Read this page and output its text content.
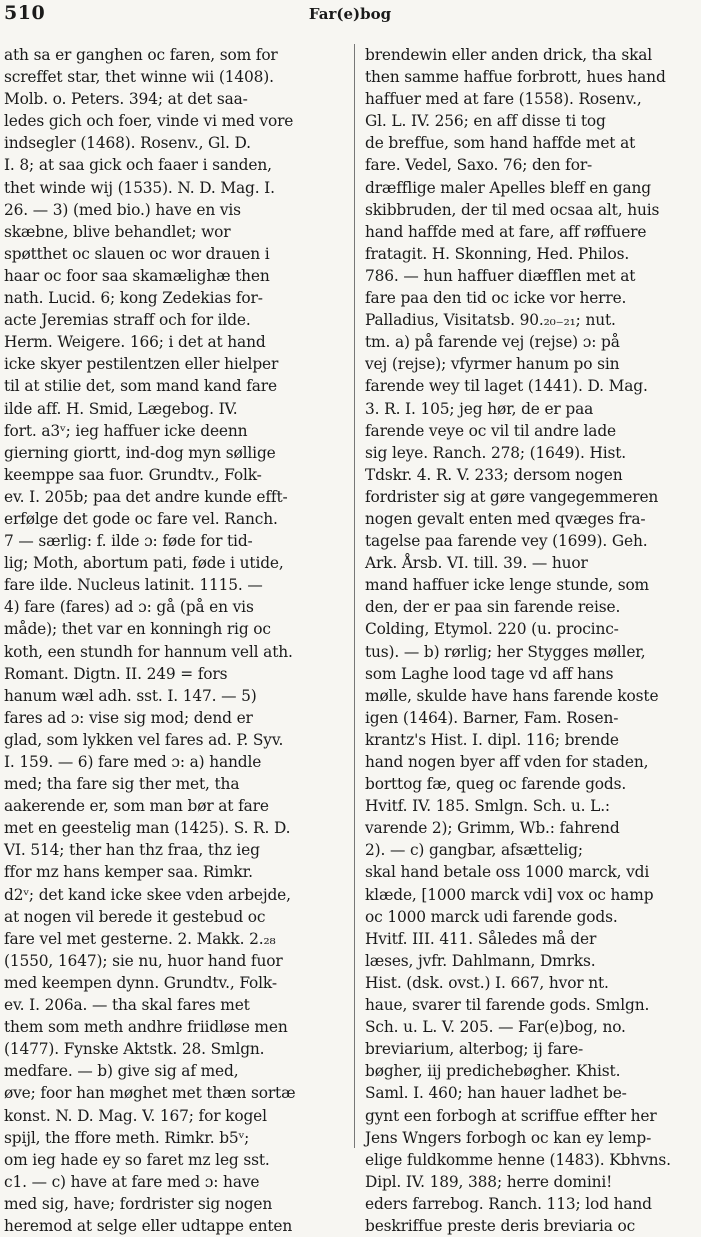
510	Far(e)bog
ath sa er ganghen oc faren, som for
screffet star, thet winne wii (1408).
Molb. o. Peters. 394; at det saa-
ledes gich och foer, vinde vi med vore
indsegler (1468). Rosenv., Gl. D.
I. 8; at saa gick och faaer i sanden,
thet winde wij (1535). N. D. Mag. I.
26. — 3) (med bio.) have en vis
skæbne, blive behandlet; wor
spøtthet oc slauen oc wor drauen i
haar oc foor saa skamælighæ then
nath. Lucid. 6; kong Zedekias for-
acte Jeremias straff och for ilde.
Herm. Weigere. 166; i det at hand
icke skyer pestilentzen eller hielper
til at stilie det, som mand kand fare
ilde aff. H. Smid, Lægebog. IV.
fort. a3ᵛ; ieg haffuer icke deenn
gierning giortt, ind-dog myn søllige
keemppe saa fuor. Grundtv., Folk-
ev. I. 205b; paa det andre kunde efft-
erfølge det gode oc fare vel. Ranch.
7 — særlig: f. ilde ɔ: føde for tid-
lig; Moth, abortum pati, føde i utide,
fare ilde. Nucleus latinit. 1115. —
4) fare (fares) ad ɔ: gå (på en vis
måde); thet var en konningh rig oc
koth, een stundh for hannum vell ath.
Romant. Digtn. II. 249 = fors
hanum wæl adh. sst. I. 147. — 5)
fares ad ɔ: vise sig mod; dend er
glad, som lykken vel fares ad. P. Syv.
I. 159. — 6) fare med ɔ: a) handle
med; tha fare sig ther met, tha
aakerende er, som man bør at fare
met en geestelig man (1425). S. R. D.
VI. 514; ther han thz fraa, thz ieg
ffor mz hans kemper saa. Rimkr.
d2ᵛ; det kand icke skee vden arbejde,
at nogen vil berede it gestebud oc
fare vel met gesterne. 2. Makk. 2.₂₈
(1550, 1647); sie nu, huor hand fuor
med keempen dynn. Grundtv., Folk-
ev. I. 206a. — tha skal fares met
them som meth andhre friidløse men
(1477). Fynske Aktstk. 28. Smlgn.
medfare. — b) give sig af med,
øve; foor han møghet met thæn sortæ
konst. N. D. Mag. V. 167; for kogel
spijl, the ffore meth. Rimkr. b5ᵛ;
om ieg hade ey so faret mz leg sst.
c1. — c) have at fare med ɔ: have
med sig, have; fordrister sig nogen
heremod at selge eller udtappe enten
brendewin eller anden drick, tha skal
then samme haffue forbrott, hues hand
haffuer med at fare (1558). Rosenv.,
Gl. L. IV. 256; en aff disse ti tog
de breffue, som hand haffde met at
fare. Vedel, Saxo. 76; den for-
dræfflige maler Apelles bleff en gang
skibbruden, der til med ocsaa alt, huis
hand haffde med at fare, aff røffuere
fratagit. H. Skonning, Hed. Philos.
786. — hun haffuer diæfflen met at
fare paa den tid oc icke vor herre.
Palladius, Visitatsb. 90.₂₀₋₂₁; nut.
tm. a) på farende vej (rejse) ɔ: på
vej (rejse); vfyrmer hanum po sin
farende wey til laget (1441). D. Mag.
3. R. I. 105; jeg hør, de er paa
farende veye oc vil til andre lade
sig leye. Ranch. 278; (1649). Hist.
Tdskr. 4. R. V. 233; dersom nogen
fordrister sig at gøre vangegemmeren
nogen gevalt enten med qvæges fra-
tagelse paa farende vey (1699). Geh.
Ark. Årsb. VI. till. 39. — huor
mand haffuer icke lenge stunde, som
den, der er paa sin farende reise.
Colding, Etymol. 220 (u. procinc-
tus). — b) rørlig; her Stygges møller,
som Laghe lood tage vd aff hans
mølle, skulde have hans farende koste
igen (1464). Barner, Fam. Rosen-
krantz's Hist. I. dipl. 116; brende
hand nogen byer aff vden for staden,
borttog fæ, queg oc farende gods.
Hvitf. IV. 185. Smlgn. Sch. u. L.:
varende 2); Grimm, Wb.: fahrend
2). — c) gangbar, afsættelig;
skal hand betale oss 1000 marck, vdi
klæde, [1000 marck vdi] vox oc hamp
oc 1000 marck udi farende gods.
Hvitf. III. 411. Således må der
læses, jvfr. Dahlmann, Dmrks.
Hist. (dsk. ovst.) I. 667, hvor nt.
haue, svarer til farende gods. Smlgn.
Sch. u. L. V. 205. — Far(e)bog, no.
breviarium, alterbog; ij fare-
bøgher, iij predichebøgher. Khist.
Saml. I. 460; han hauer ladhet be-
gynt een forbogh at scriffue effter her
Jens Wngers forbogh oc kan ey lemp-
elige fuldkomme henne (1483). Kbhvns.
Dipl. IV. 189, 388; herre domini!
eders farrebog. Ranch. 113; lod hand
beskriffue preste deris breviaria oc
